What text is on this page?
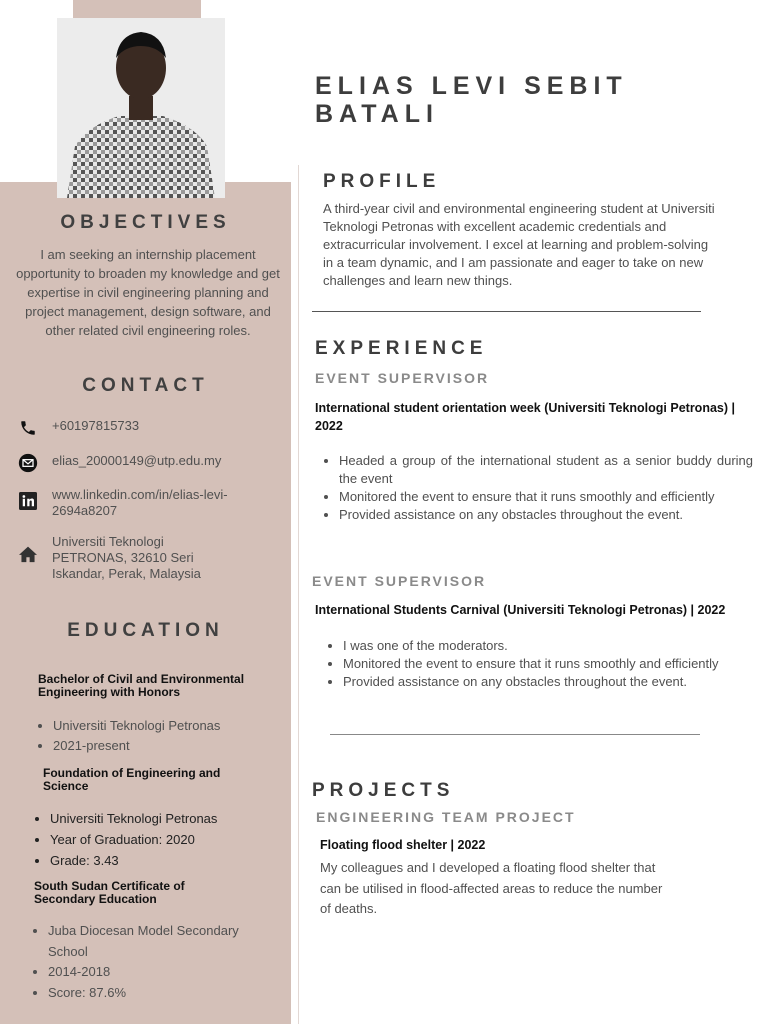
OBJECTIVES
I am seeking an internship placement opportunity to broaden my knowledge and get expertise in civil engineering planning and project management, design software, and other related civil engineering roles.
CONTACT
+60197815733
elias_20000149@utp.edu.my
www.linkedin.com/in/elias-levi-
2694a8207
Universiti Teknologi
PETRONAS, 32610 Seri
Iskandar, Perak, Malaysia
EDUCATION
Bachelor of Civil and Environmental
Engineering with Honors
• Universiti Teknologi Petronas
• 2021-present
Foundation of Engineering and
Science
• Universiti Teknologi Petronas
• Year of Graduation: 2020
• Grade: 3.43
South Sudan Certificate of
Secondary Education
• Juba Diocesan Model Secondary School
• 2014-2018
• Score: 87.6%
ELIAS LEVI SEBIT
BATALI
PROFILE
A third-year civil and environmental engineering student at Universiti Teknologi Petronas with excellent academic credentials and extracurricular involvement. I excel at learning and problem-solving in a team dynamic, and I am passionate and eager to take on new challenges and learn new things.
EXPERIENCE
EVENT SUPERVISOR
International student orientation week (Universiti Teknologi Petronas) | 2022
• Headed a group of the international student as a senior buddy during the event
• Monitored the event to ensure that it runs smoothly and efficiently
• Provided assistance on any obstacles throughout the event.
EVENT SUPERVISOR
International Students Carnival (Universiti Teknologi Petronas) | 2022
• I was one of the moderators.
• Monitored the event to ensure that it runs smoothly and efficiently
• Provided assistance on any obstacles throughout the event.
PROJECTS
ENGINEERING TEAM PROJECT
Floating flood shelter | 2022
My colleagues and I developed a floating flood shelter that can be utilised in flood-affected areas to reduce the number of deaths.
